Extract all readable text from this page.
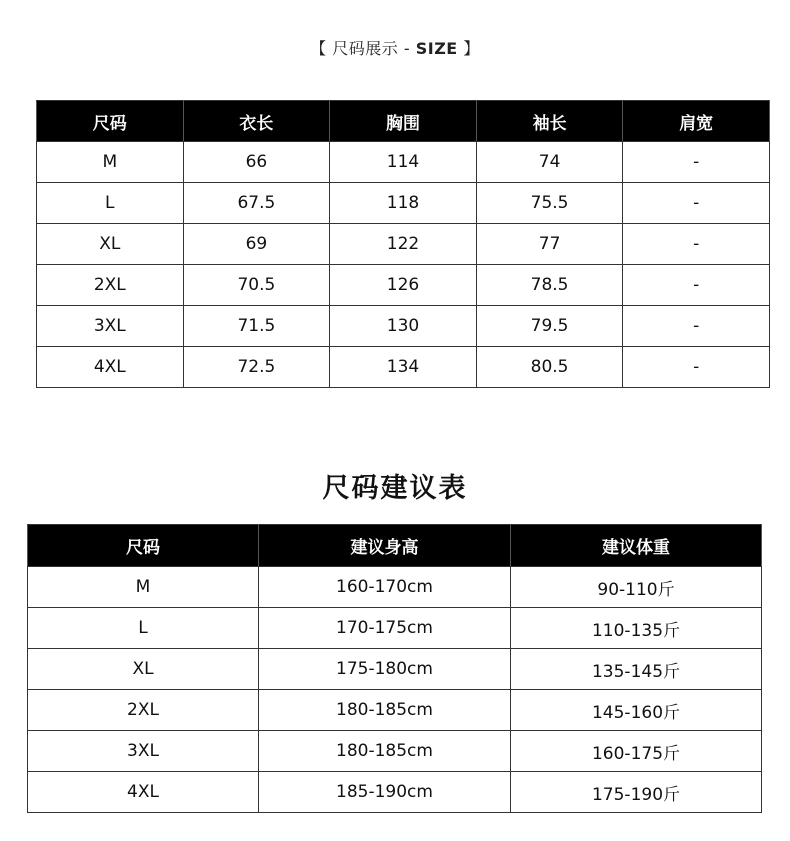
【 尺码展示 - SIZE 】
尺码	衣长	胸围	袖长	肩宽
M	66	114	74	-
L	67.5	118	75.5	-
XL	69	122	77	-
2XL	70.5	126	78.5	-
3XL	71.5	130	79.5	-
4XL	72.5	134	80.5	-
尺码建议表
尺码	建议身高	建议体重
M	160-170cm	90-110斤
L	170-175cm	110-135斤
XL	175-180cm	135-145斤
2XL	180-185cm	145-160斤
3XL	180-185cm	160-175斤
4XL	185-190cm	175-190斤
